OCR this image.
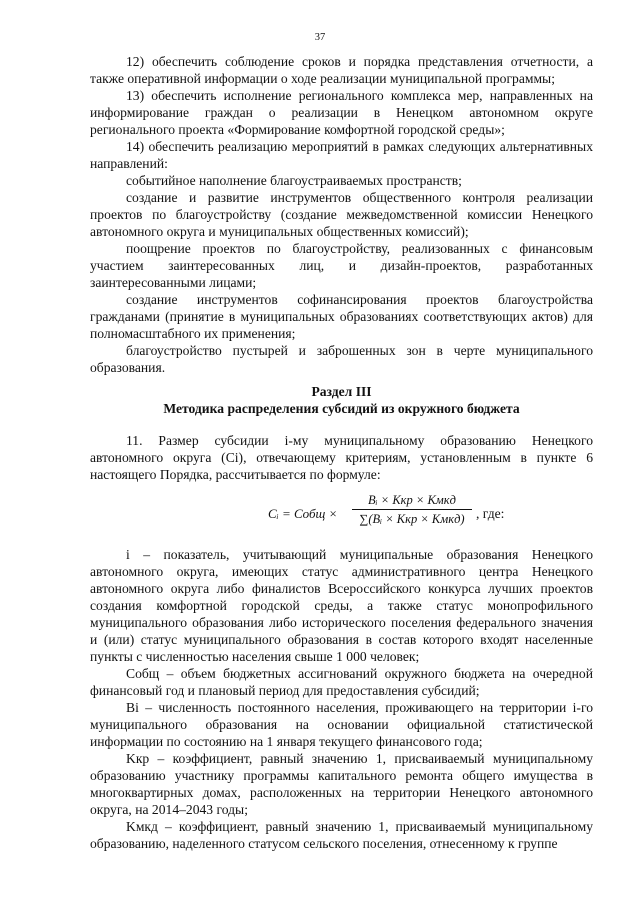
37

12) обеспечить соблюдение сроков и порядка представления отчетности, а также оперативной информации о ходе реализации муниципальной программы;

13) обеспечить исполнение регионального комплекса мер, направленных на информирование граждан о реализации в Ненецком автономном округе регионального проекта «Формирование комфортной городской среды»;

14) обеспечить реализацию мероприятий в рамках следующих альтернативных направлений:

событийное наполнение благоустраиваемых пространств;

создание и развитие инструментов общественного контроля реализации проектов по благоустройству (создание межведомственной комиссии Ненецкого автономного округа и муниципальных общественных комиссий);

поощрение проектов по благоустройству, реализованных с финансовым участием заинтересованных лиц, и дизайн-проектов, разработанных заинтересованными лицами;

создание инструментов софинансирования проектов благоустройства гражданами (принятие в муниципальных образованиях соответствующих актов) для полномасштабного их применения;

благоустройство пустырей и заброшенных зон в черте муниципального образования.

Раздел III

Методика распределения субсидий из окружного бюджета

11. Размер субсидии i-му муниципальному образованию Ненецкого автономного округа (Ci), отвечающему критериям, установленным в пункте 6 настоящего Порядка, рассчитывается по формуле:

Cᵢ = Cобщ ×
Bᵢ × Kкр × Kмкд
∑(Bᵢ × Kкр × Kмкд) , где:

i – показатель, учитывающий муниципальные образования Ненецкого автономного округа, имеющих статус административного центра Ненецкого автономного округа либо финалистов Всероссийского конкурса лучших проектов создания комфортной городской среды, а также статус монопрофильного муниципального образования либо исторического поселения федерального значения и (или) статус муниципального образования в состав которого входят населенные пункты с численностью населения свыше 1 000 человек;

Cобщ – объем бюджетных ассигнований окружного бюджета на очередной финансовый год и плановый период для предоставления субсидий;

Bi – численность постоянного населения, проживающего на территории i-го муниципального образования на основании официальной статистической информации по состоянию на 1 января текущего финансового года;

Kкр – коэффициент, равный значению 1, присваиваемый муниципальному образованию участнику программы капитального ремонта общего имущества в многоквартирных домах, расположенных на территории Ненецкого автономного округа, на 2014–2043 годы;

Kмкд – коэффициент, равный значению 1, присваиваемый муниципальному образованию, наделенного статусом сельского поселения, отнесенному к группе
